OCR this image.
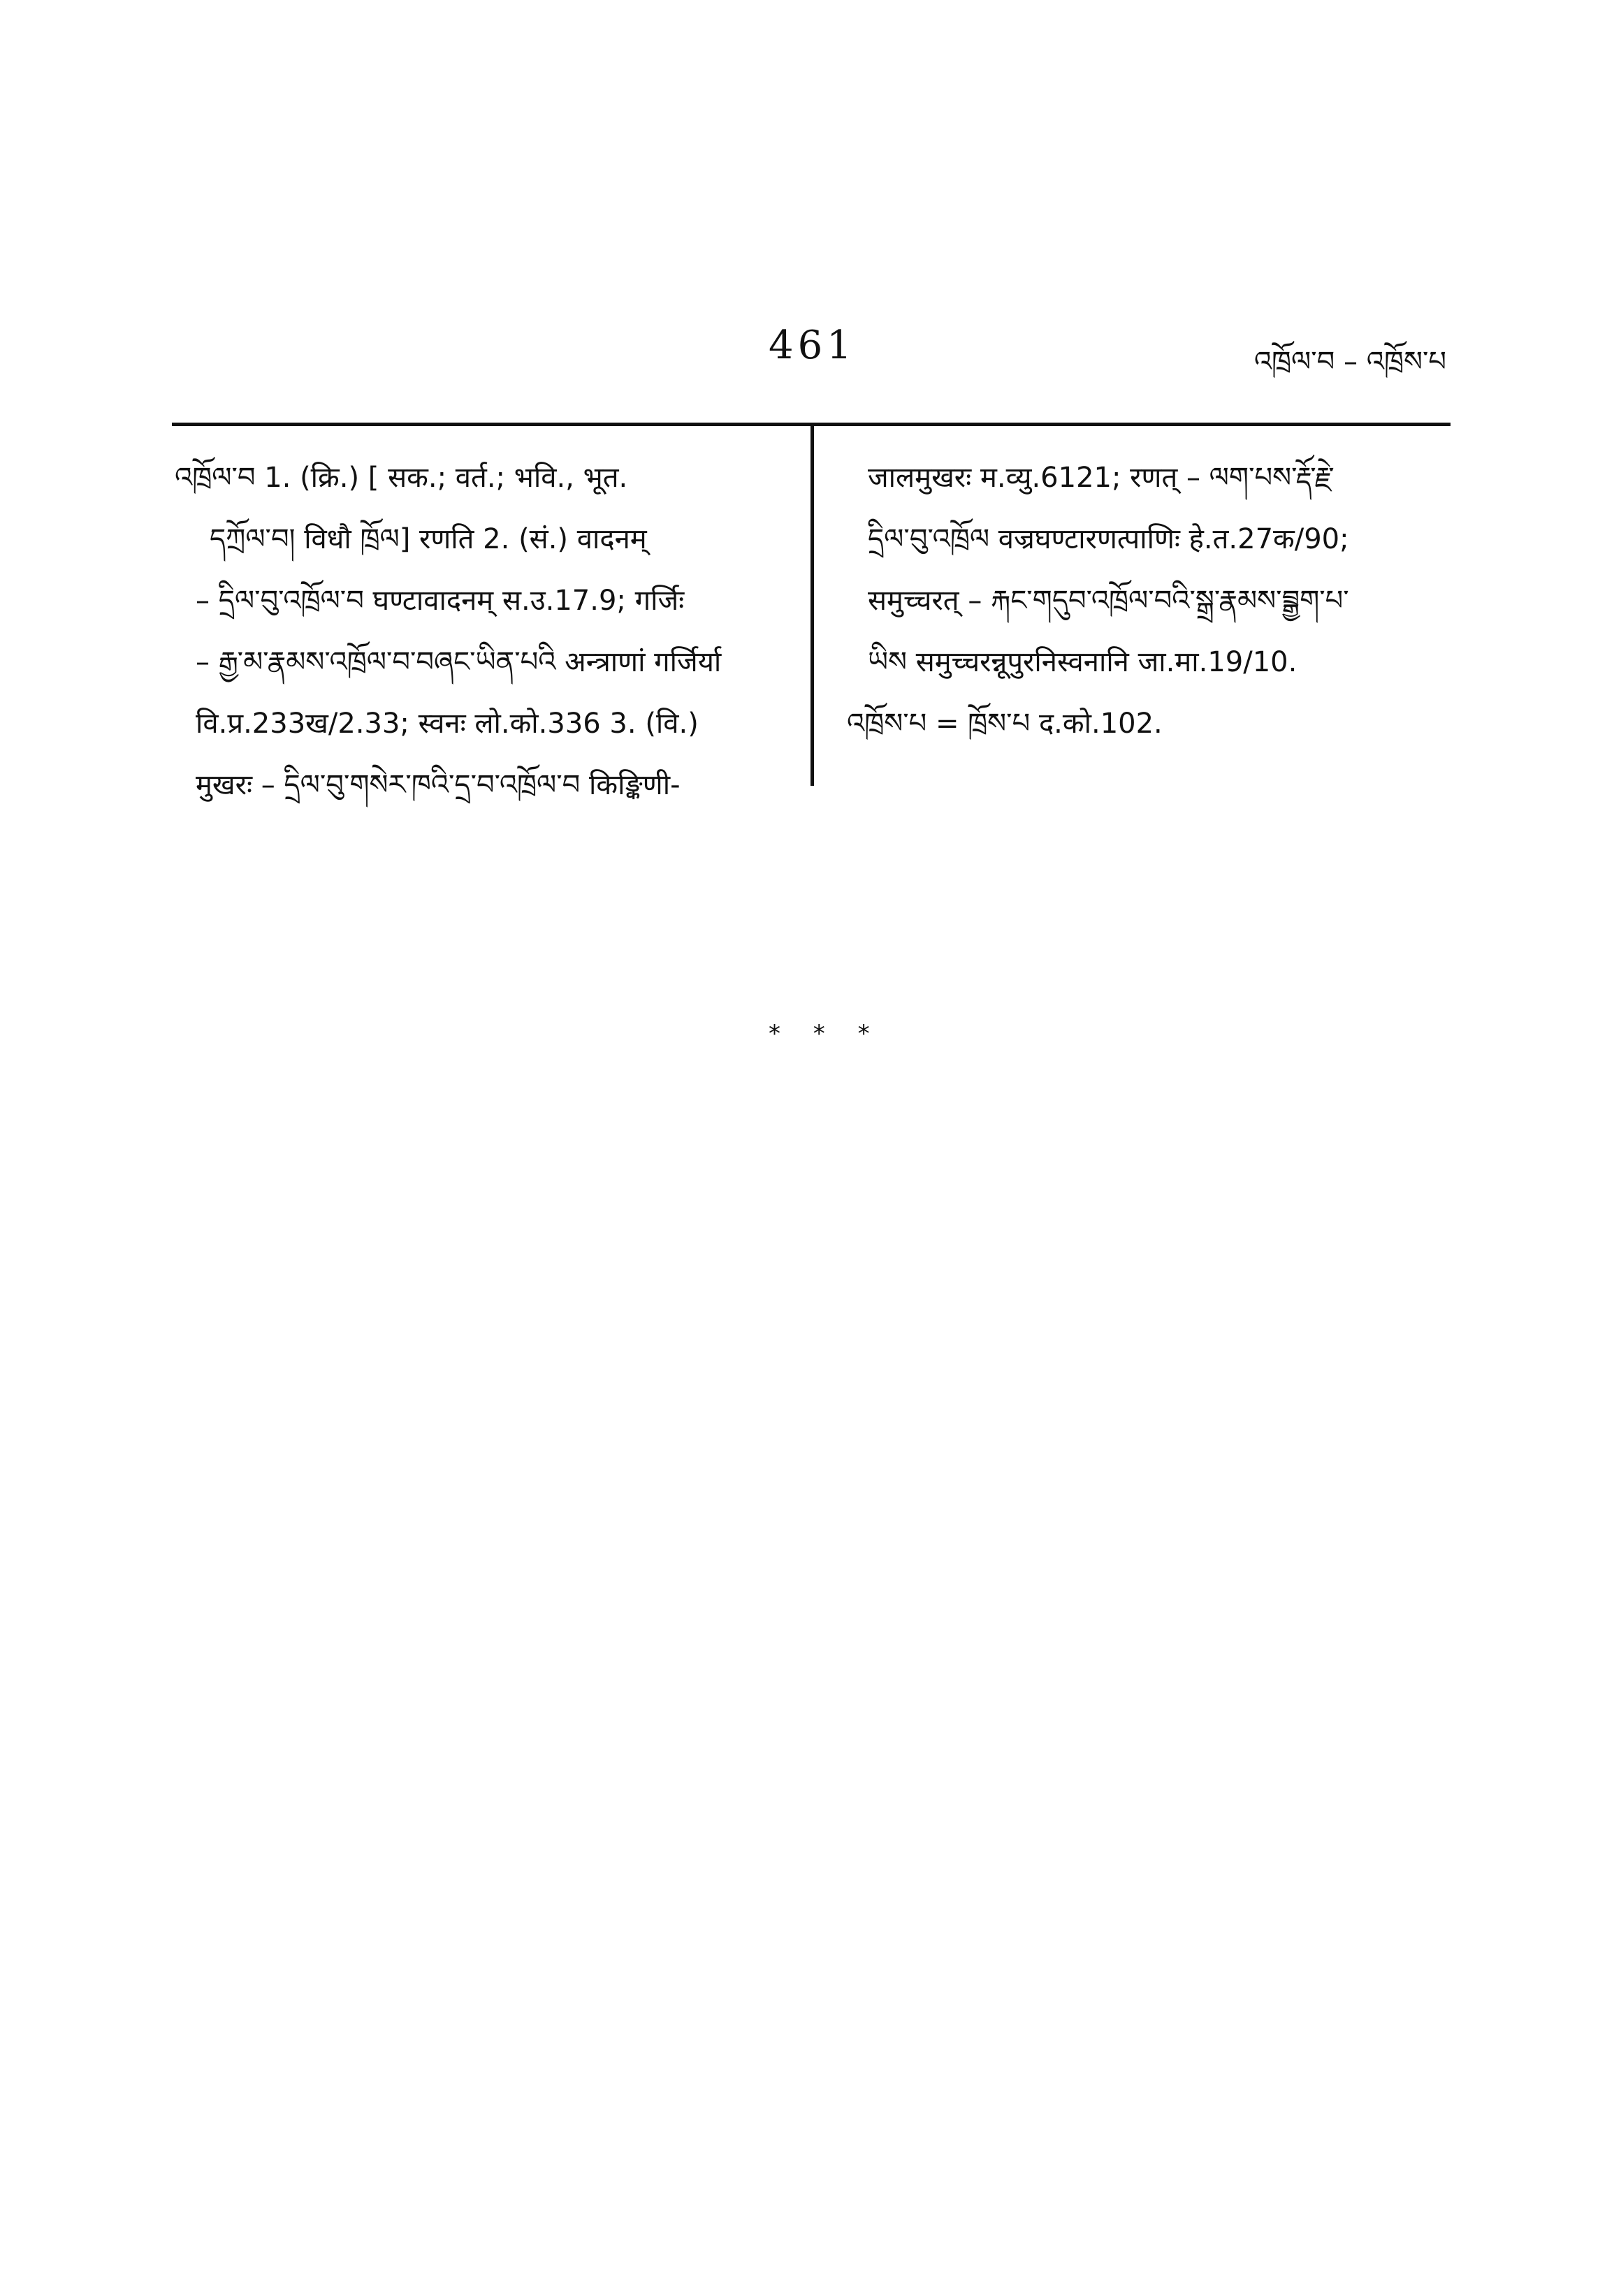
461	འཁྲོལ་བ – འཁྲོས་པ
འཁྲོལ་བ 1. (क्रि.) [ सक.; वर्त.; भवि., भूत.
དཀྲོལ་བ། विधौ ཁྲོལ] रणति 2. (सं.) वादनम्
– དྲིལ་བུ་འཁྲོལ་བ घण्टावादनम् स.उ.17.9; गर्जिः
– རྒྱ་མ་རྣམས་འཁྲོལ་བ་བཞང་ཡིན་པའི अन्त्राणां गर्जिर्या
वि.प्र.233ख/2.33; स्वनः लो.को.336 3. (वि.)
मुखरः – དྲིལ་བུ་གསེར་ཁའི་དྲ་བ་འཁྲོལ་བ किङ्किणी-
जालमुखरः म.व्यु.6121; रणत् – ལག་པས་རྡོ་རྗེ་
དྲིལ་བུ་འཁྲོལ वज्रघण्टारणत्पाणिः हे.त.27क/90;
समुच्चरत् – རྐང་གདུབ་འཁྲོལ་བའི་སྒྲ་རྣམས་བྲྒྱག་པ་
ཡིས समुच्चरन्नूपुरनिस्वनानि जा.मा.19/10.
འཁྲོས་པ = ཁྲོས་པ द.को.102.
* * *
